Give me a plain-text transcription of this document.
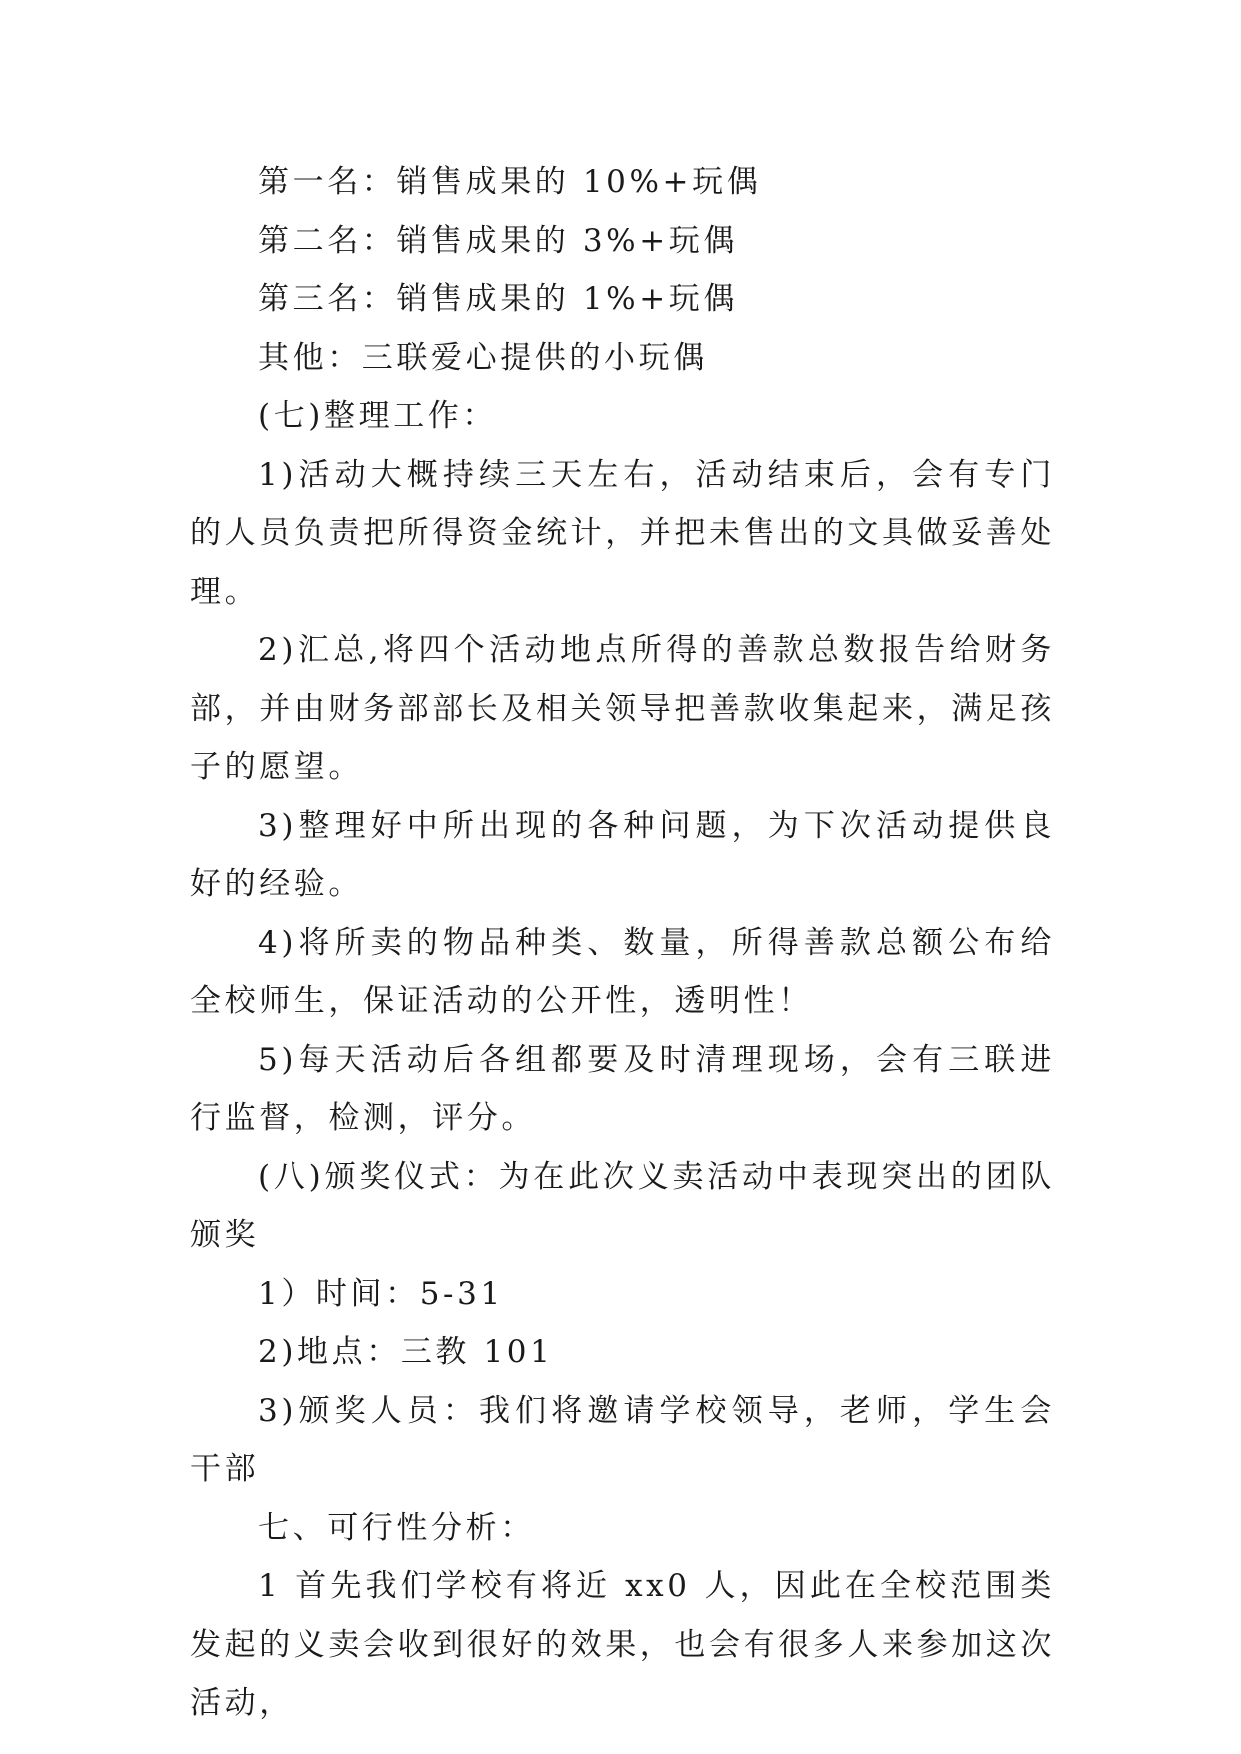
第一名：销售成果的 10%+玩偶

第二名：销售成果的 3%+玩偶

第三名：销售成果的 1%+玩偶

其他：三联爱心提供的小玩偶

(七)整理工作：

1)活动大概持续三天左右，活动结束后，会有专门的人员负责把所得资金统计，并把未售出的文具做妥善处理。

2)汇总,将四个活动地点所得的善款总数报告给财务部，并由财务部部长及相关领导把善款收集起来，满足孩子的愿望。

3)整理好中所出现的各种问题，为下次活动提供良好的经验。

4)将所卖的物品种类、数量，所得善款总额公布给全校师生，保证活动的公开性，透明性！

5)每天活动后各组都要及时清理现场，会有三联进行监督，检测，评分。

(八)颁奖仪式：为在此次义卖活动中表现突出的团队颁奖

1）时间：5-31

2)地点：三教 101

3)颁奖人员：我们将邀请学校领导，老师，学生会干部

七、可行性分析：

1 首先我们学校有将近 xx0 人，因此在全校范围类发起的义卖会收到很好的效果，也会有很多人来参加这次活动，
